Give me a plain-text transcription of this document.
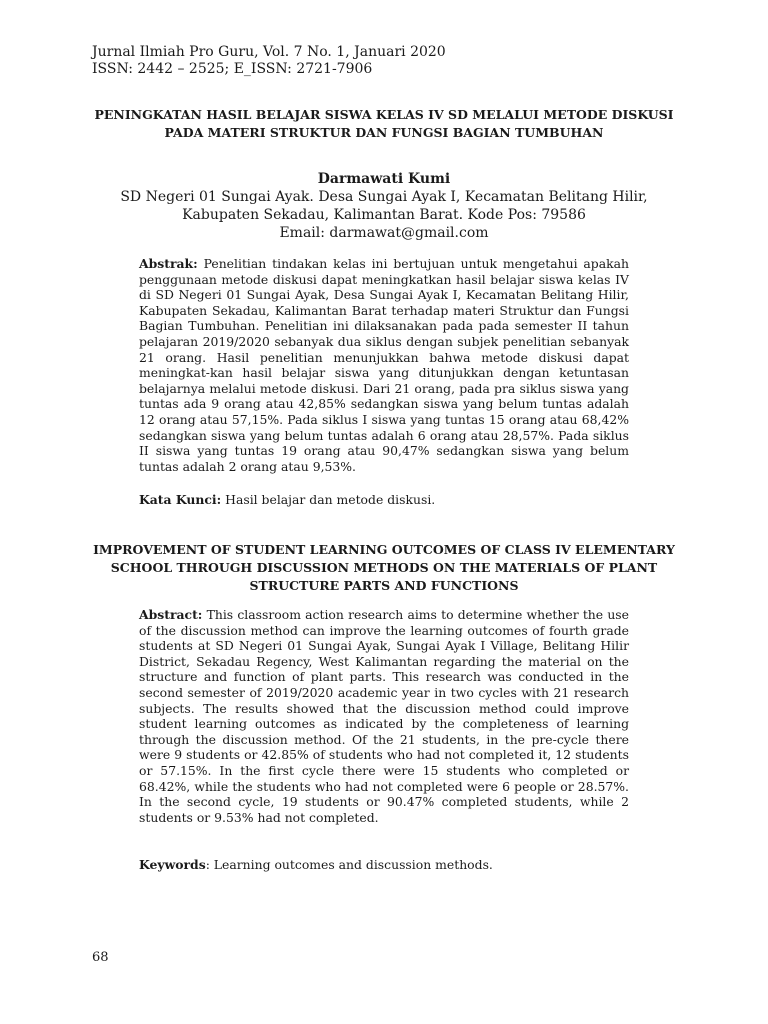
Jurnal Ilmiah Pro Guru, Vol. 7 No. 1, Januari 2020
ISSN: 2442 – 2525; E_ISSN: 2721-7906
PENINGKATAN HASIL BELAJAR SISWA KELAS IV SD MELALUI METODE DISKUSI
PADA MATERI STRUKTUR DAN FUNGSI BAGIAN TUMBUHAN
Darmawati Kumi
SD Negeri 01 Sungai Ayak. Desa Sungai Ayak I, Kecamatan Belitang Hilir,
Kabupaten Sekadau, Kalimantan Barat. Kode Pos: 79586
Email: darmawat@gmail.com
Abstrak: Penelitian tindakan kelas ini bertujuan untuk mengetahui apakah penggunaan metode diskusi dapat meningkatkan hasil belajar siswa kelas IV di SD Negeri 01 Sungai Ayak, Desa Sungai Ayak I, Kecamatan Belitang Hilir, Kabupaten Sekadau, Kalimantan Barat terhadap materi Struktur dan Fungsi Bagian Tumbuhan. Penelitian ini dilaksanakan pada pada semester II tahun pelajaran 2019/2020 sebanyak dua siklus dengan subjek penelitian sebanyak 21 orang. Hasil penelitian menunjukkan bahwa metode diskusi dapat meningkat-kan hasil belajar siswa yang ditunjukkan dengan ketuntasan belajarnya melalui metode diskusi. Dari 21 orang, pada pra siklus siswa yang tuntas ada 9 orang atau 42,85% sedangkan siswa yang belum tuntas adalah 12 orang atau 57,15%. Pada siklus I siswa yang tuntas 15 orang atau 68,42% sedangkan siswa yang belum tuntas adalah 6 orang atau 28,57%. Pada siklus II siswa yang tuntas 19 orang atau 90,47% sedangkan siswa yang belum tuntas adalah 2 orang atau 9,53%.
Kata Kunci: Hasil belajar dan metode diskusi.
IMPROVEMENT OF STUDENT LEARNING OUTCOMES OF CLASS IV ELEMENTARY
SCHOOL THROUGH DISCUSSION METHODS ON THE MATERIALS OF PLANT
STRUCTURE PARTS AND FUNCTIONS
Abstract: This classroom action research aims to determine whether the use of the discussion method can improve the learning outcomes of fourth grade students at SD Negeri 01 Sungai Ayak, Sungai Ayak I Village, Belitang Hilir District, Sekadau Regency, West Kalimantan regarding the material on the structure and function of plant parts. This research was conducted in the second semester of 2019/2020 academic year in two cycles with 21 research subjects. The results showed that the discussion method could improve student learning outcomes as indicated by the completeness of learning through the discussion method. Of the 21 students, in the pre-cycle there were 9 students or 42.85% of students who had not completed it, 12 students or 57.15%. In the first cycle there were 15 students who completed or 68.42%, while the students who had not completed were 6 people or 28.57%. In the second cycle, 19 students or 90.47% completed students, while 2 students or 9.53% had not completed.
Keywords: Learning outcomes and discussion methods.
68
